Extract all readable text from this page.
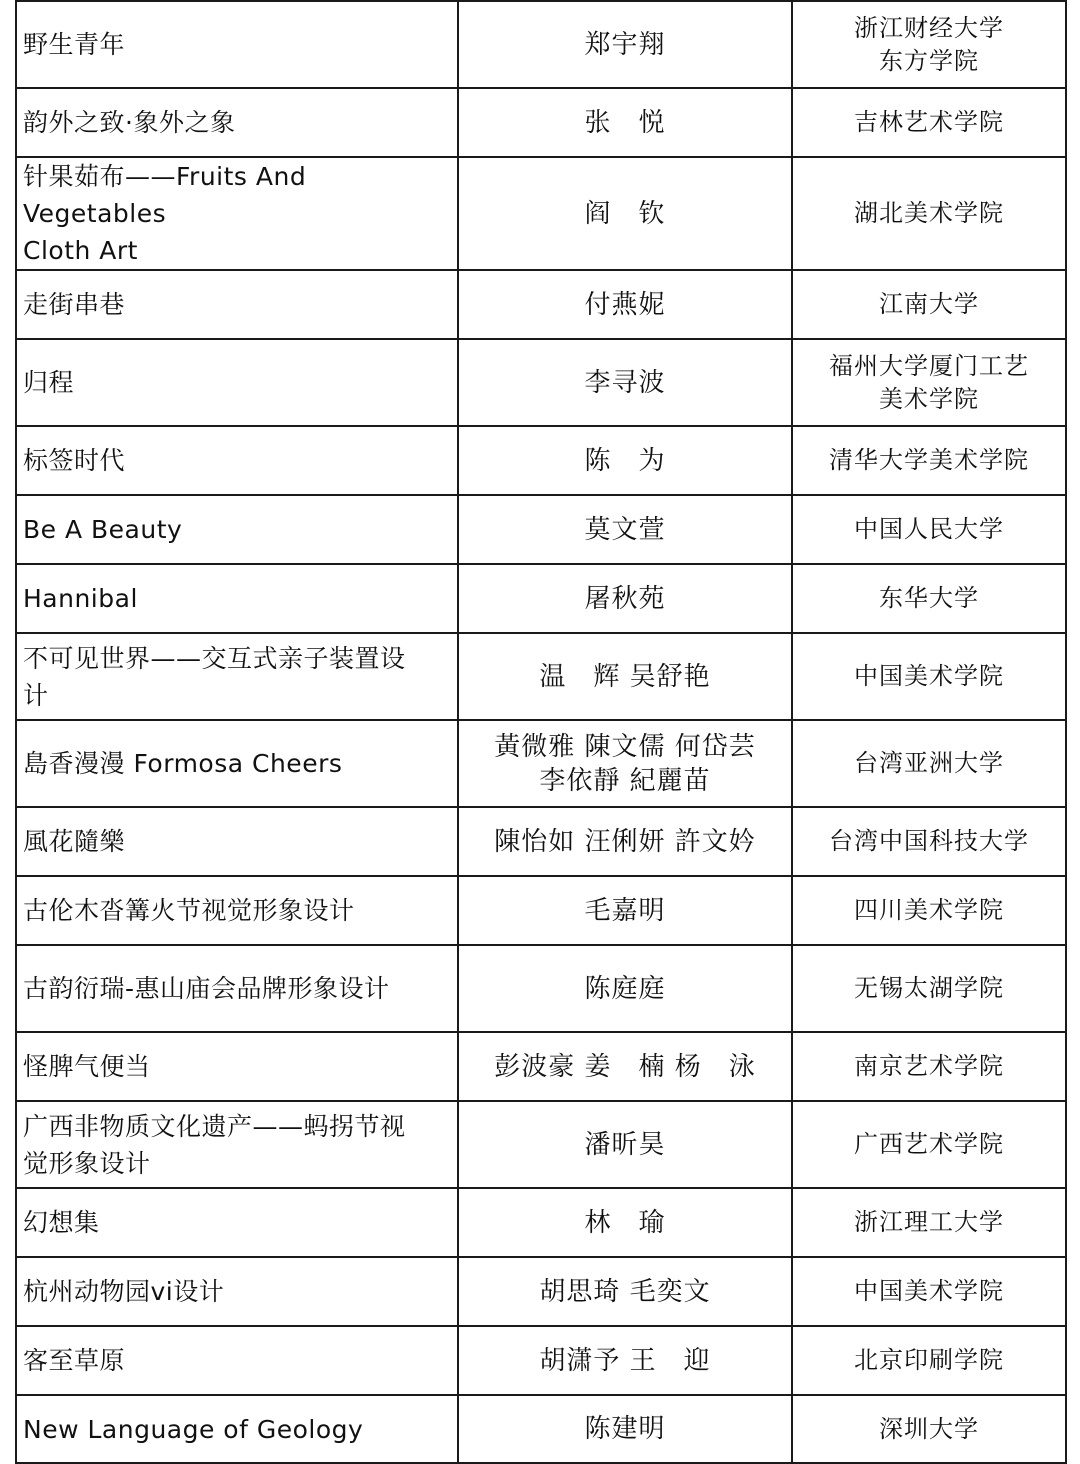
野生青年	郑宇翔	浙江财经大学
东方学院

韵外之致·象外之象	张　悦	吉林艺术学院

针果茹布——Fruits And Vegetables
Cloth Art	阎　钦	湖北美术学院

走街串巷	付燕妮	江南大学

归程	李寻波	福州大学厦门工艺
美术学院

标签时代	陈　为	清华大学美术学院

Be A Beauty	莫文萱	中国人民大学

Hannibal	屠秋苑	东华大学

不可见世界——交互式亲子装置设
计	温　辉 吴舒艳	中国美术学院

島香漫漫 Formosa Cheers	黃微雅 陳文儒 何岱芸
李依靜 紀麗苗	台湾亚洲大学

風花隨樂	陳怡如 汪俐妍 許文妗	台湾中国科技大学

古伦木沓篝火节视觉形象设计	毛嘉明	四川美术学院

古韵衍瑞-惠山庙会品牌形象设计	陈庭庭	无锡太湖学院

怪脾气便当	彭波豪 姜　楠 杨　泳	南京艺术学院

广西非物质文化遗产——蚂拐节视
觉形象设计	潘昕昊	广西艺术学院

幻想集	林　瑜	浙江理工大学

杭州动物园vi设计	胡思琦 毛奕文	中国美术学院

客至草原	胡潇予 王　迎	北京印刷学院

New Language of Geology	陈建明	深圳大学
